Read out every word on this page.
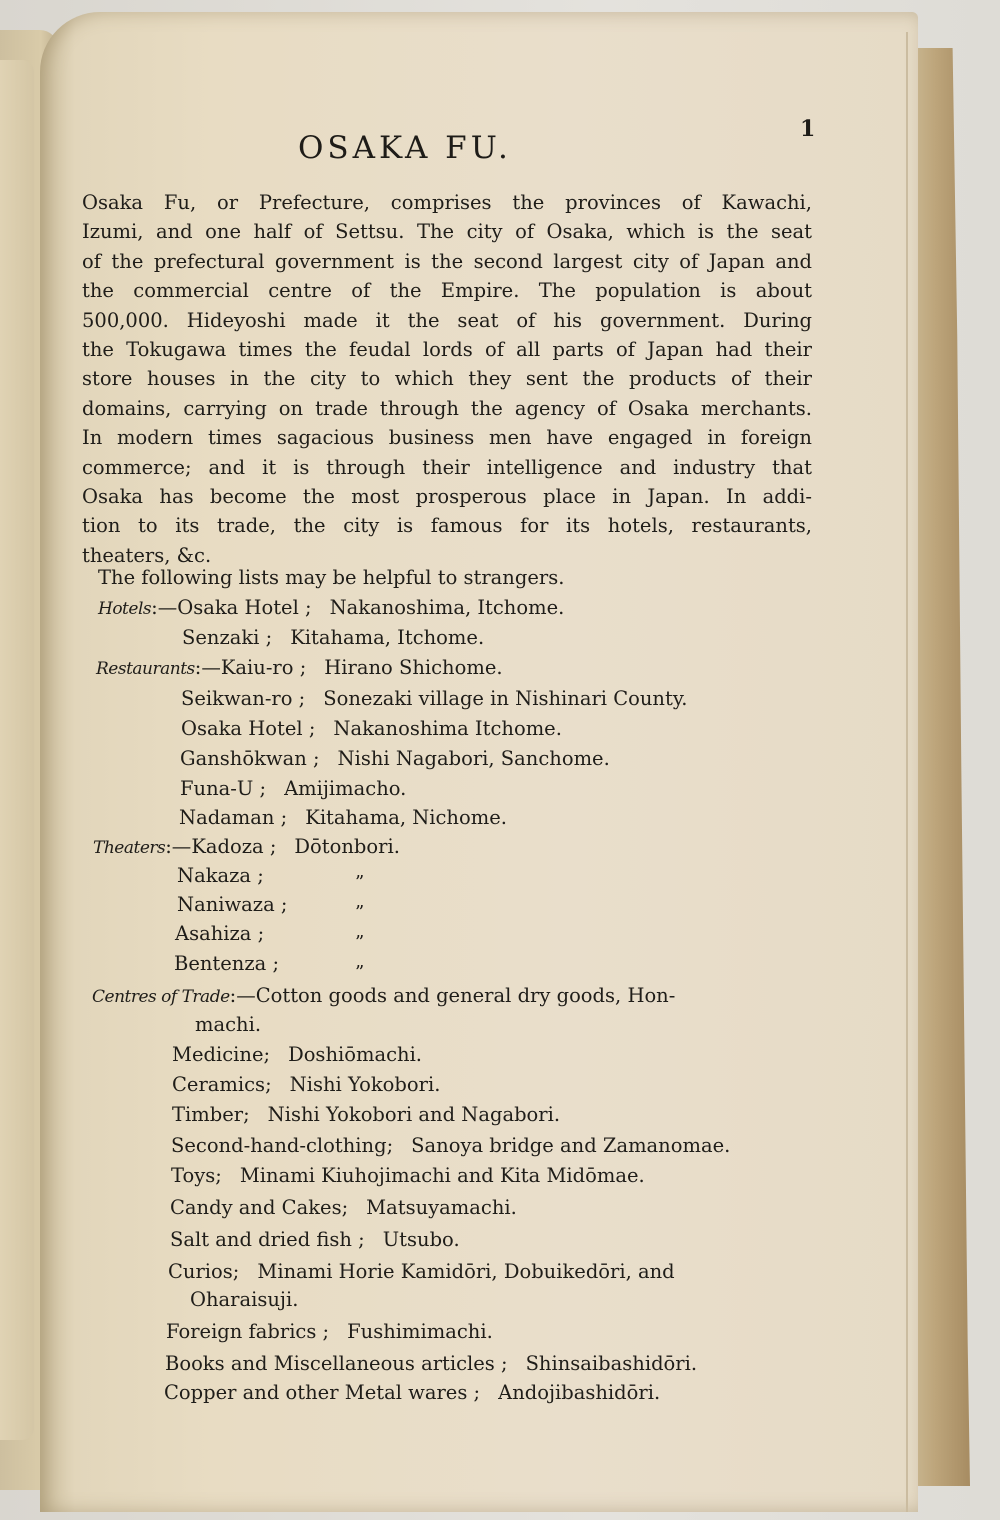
1
OSAKA FU.
Osaka Fu, or Prefecture, comprises the provinces of Kawachi,
Izumi, and one half of Settsu. The city of Osaka, which is the seat
of the prefectural government is the second largest city of Japan and
the commercial centre of the Empire. The population is about
500,000. Hideyoshi made it the seat of his government. During
the Tokugawa times the feudal lords of all parts of Japan had their
store houses in the city to which they sent the products of their
domains, carrying on trade through the agency of Osaka merchants.
In modern times sagacious business men have engaged in foreign
commerce; and it is through their intelligence and industry that
Osaka has become the most prosperous place in Japan. In addi-
tion to its trade, the city is famous for its hotels, restaurants,
theaters, &c.
The following lists may be helpful to strangers.
Hotels:—Osaka Hotel ; Nakanoshima, Itchome.
Senzaki ; Kitahama, Itchome.
Restaurants:—Kaiu-ro ; Hirano Shichome.
Seikwan-ro ; Sonezaki village in Nishinari County.
Osaka Hotel ; Nakanoshima Itchome.
Ganshōkwan ; Nishi Nagabori, Sanchome.
Funa-U ; Amijimacho.
Nadaman ; Kitahama, Nichome.
Theaters:—Kadoza ; Dōtonbori.
Nakaza ;	”
Naniwaza ;	”
Asahiza ;	”
Bentenza ;	”
Centres of Trade:—Cotton goods and general dry goods, Hon-
machi.
Medicine; Doshiōmachi.
Ceramics; Nishi Yokobori.
Timber; Nishi Yokobori and Nagabori.
Second-hand-clothing; Sanoya bridge and Zamanomae.
Toys; Minami Kiuhojimachi and Kita Midōmae.
Candy and Cakes; Matsuyamachi.
Salt and dried fish ; Utsubo.
Curios; Minami Horie Kamidōri, Dobuikedōri, and
Oharaisuji.
Foreign fabrics ; Fushimimachi.
Books and Miscellaneous articles ; Shinsaibashidōri.
Copper and other Metal wares ; Andojibashidōri.
